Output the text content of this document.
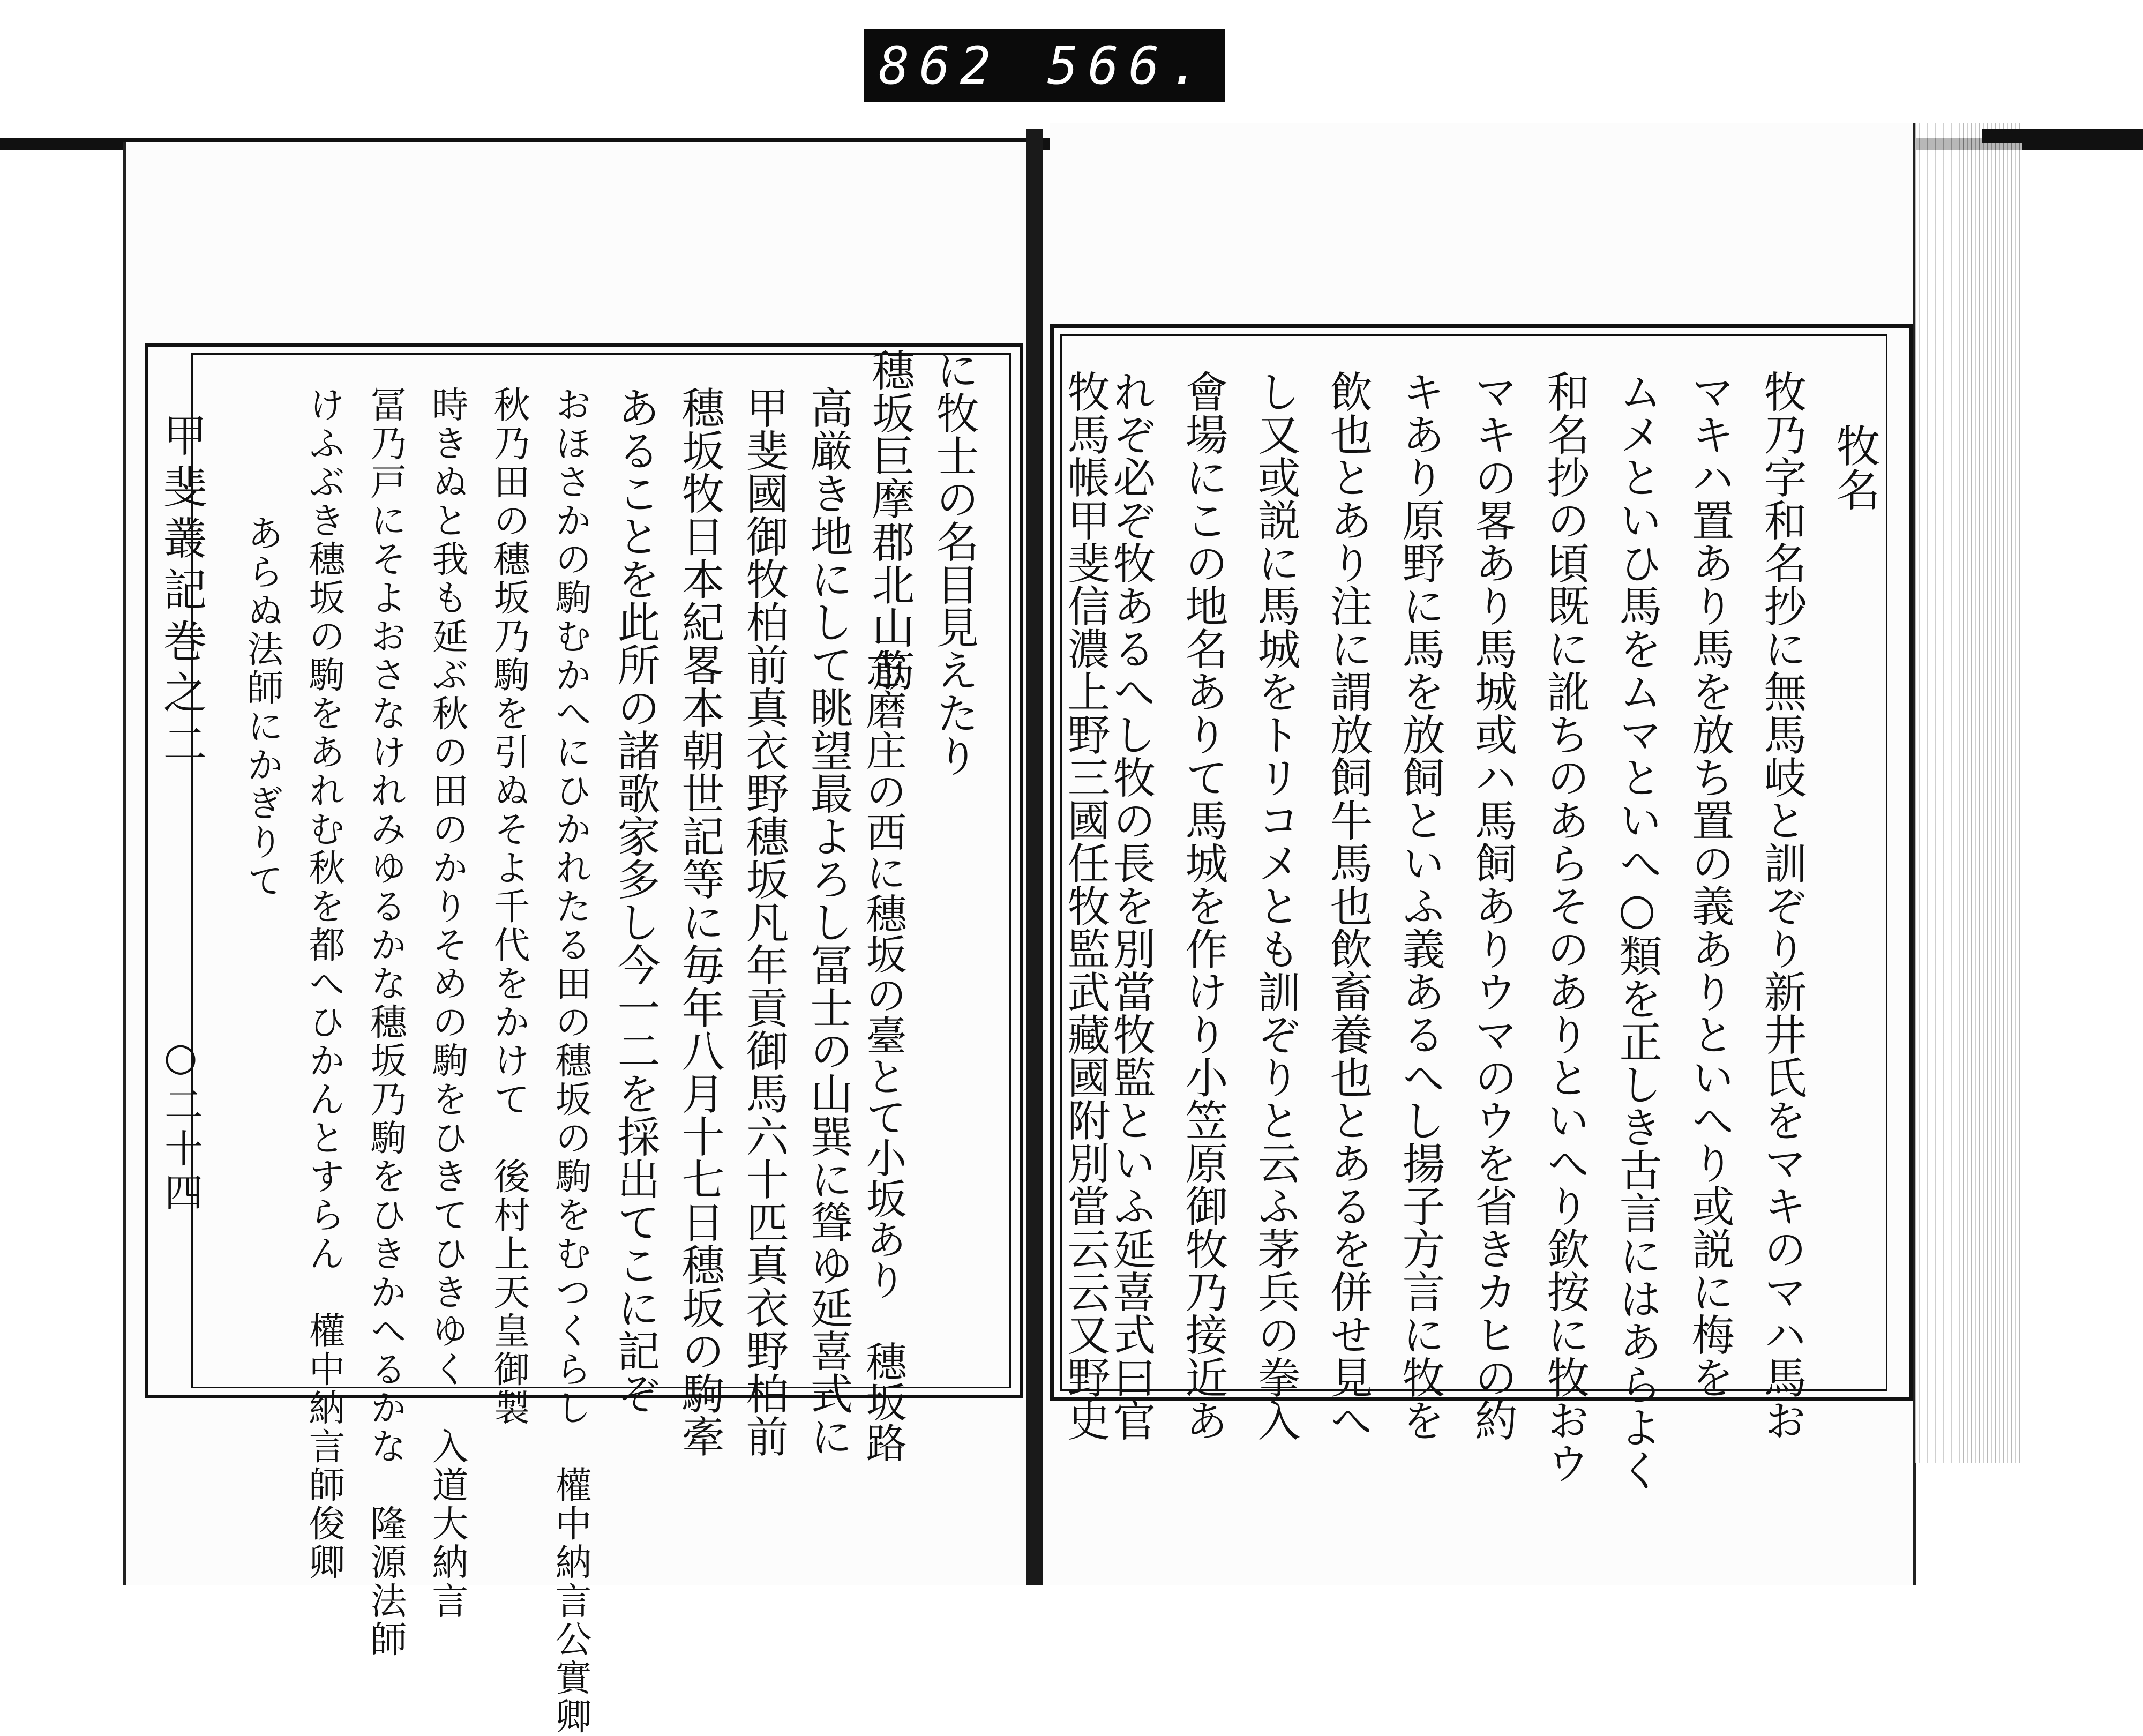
862 566.
甲斐叢記巻之二
○二十四
牧名
牧乃字和名抄に無馬岐と訓ぞり新井氏をマキのマハ馬お
マキハ置あり馬を放ち置の義ありといへり或説に梅を
ムメといひ馬をムマといへ○類を正しき古言にはあらよく
和名抄の頃既に訛ちのあらそのありといへり欽按に牧おウ
マキの畧あり馬城或ハ馬飼ありウマのウを省きカヒの約
キあり原野に馬を放飼といふ義あるへし揚子方言に牧を
飲也とあり注に謂放飼牛馬也飲畜養也とあるを併せ見へ
し又或説に馬城をトリコメとも訓ぞりと云ふ茅兵の拳入
會場にこの地名ありて馬城を作けり小笠原御牧乃接近あ
れぞ必ぞ牧あるへし牧の長を別當牧監といふ延喜式曰官
牧馬帳甲斐信濃上野三國任牧監武藏國附別當云云又野史
に牧士の名目見えたり
穗坂巨摩郡北山筋
志磨庄の西に穗坂の臺とて小坂あり　穗坂路
高厳き地にして眺望最よろし冨士の山巽に聳ゆ延喜式に
甲斐國御牧柏前真衣野穗坂凡年貢御馬六十匹真衣野柏前
穗坂牧日本紀畧本朝世記等に毎年八月十七日穗坂の駒牽
あることを此所の諸歌家多し今一二を採出てこに記ぞ
おほさかの駒むかへにひかれたる田の穗坂の駒をむつくらし　權中納言公實卿
秋乃田の穗坂乃駒を引ぬそよ千代をかけて　後村上天皇御製
時きぬと我も延ぶ秋の田のかりそめの駒をひきてひきゆく　入道大納言
冨乃戸にそよおさなけれみゆるかな穗坂乃駒をひきかへるかな　隆源法師
けふぶき穗坂の駒をあれむ秋を都へひかんとすらん　權中納言師俊卿
あらぬ法師にかぎりて
